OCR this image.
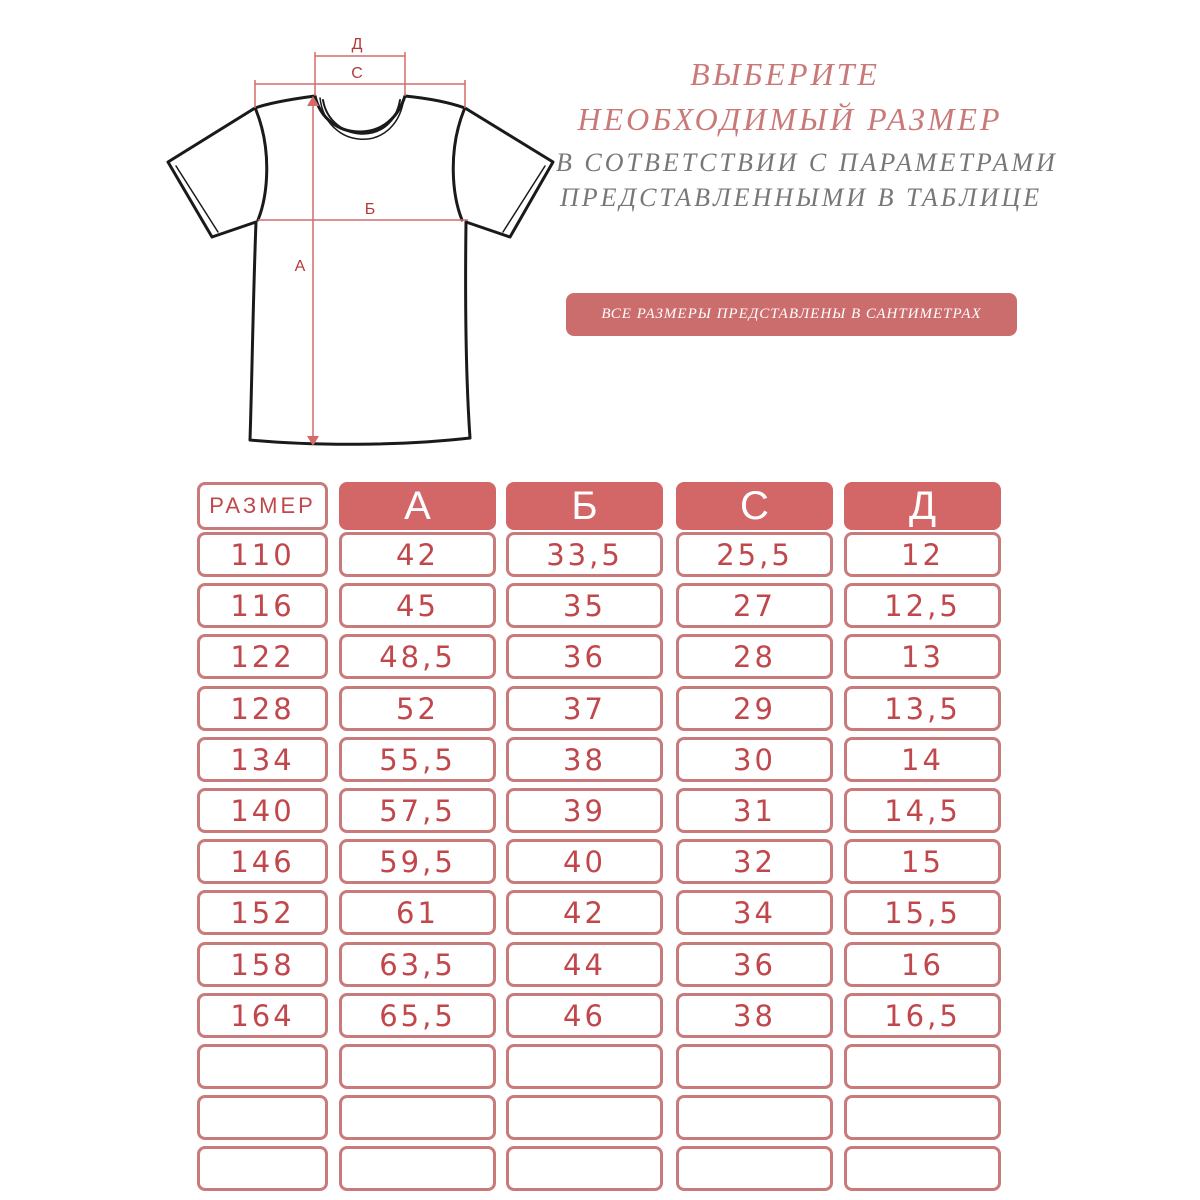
Д
С
Б
А
ВЫБЕРИТЕ
НЕОБХОДИМЫЙ РАЗМЕР
В СОТВЕТСТВИИ С ПАРАМЕТРАМИ
ПРЕДСТАВЛЕННЫМИ В ТАБЛИЦЕ
ВСЕ РАЗМЕРЫ ПРЕДСТАВЛЕНЫ В САНТИМЕТРАХ
РАЗМЕР	А	Б	С	Д
110	42	33,5	25,5	12
116	45	35	27	12,5
122	48,5	36	28	13
128	52	37	29	13,5
134	55,5	38	30	14
140	57,5	39	31	14,5
146	59,5	40	32	15
152	61	42	34	15,5
158	63,5	44	36	16
164	65,5	46	38	16,5
